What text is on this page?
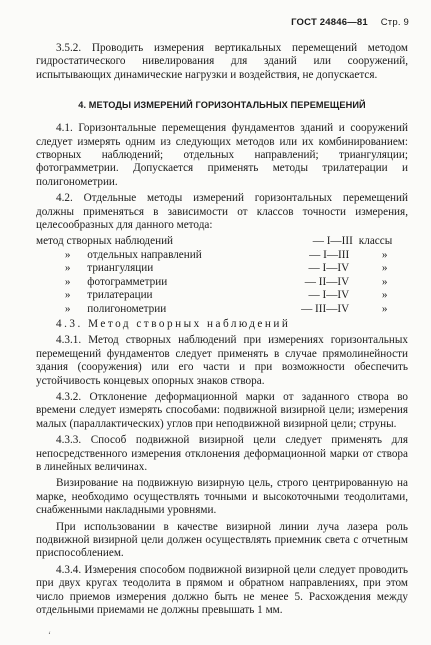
ГОСТ 24846—81 Стр. 9

3.5.2. Проводить измерения вертикальных перемещений методом гидростатического нивелирования для зданий или сооружений, испытывающих динамические нагрузки и воздействия, не допускается.

4. МЕТОДЫ ИЗМЕРЕНИЙ ГОРИЗОНТАЛЬНЫХ ПЕРЕМЕЩЕНИЙ

4.1. Горизонтальные перемещения фундаментов зданий и сооружений следует измерять одним из следующих методов или их комбинированием: створных наблюдений; отдельных направлений; триангуляции; фотограмметрии. Допускается применять методы трилатерации и полигонометрии.

4.2. Отдельные методы измерений горизонтальных перемещений должны применяться в зависимости от классов точности измерения, целесообразных для данного метода:

метод створных наблюдений	— I—III классы
»	отдельных направлений	— I—III	»
»	триангуляции	— I—IV	»
»	фотограмметрии	— II—IV	»
»	трилатерации	— I—IV	»
»	полигонометрии	— III—IV	»

4.3. Метод створных наблюдений

4.3.1. Метод створных наблюдений при измерениях горизонтальных перемещений фундаментов следует применять в случае прямолинейности здания (сооружения) или его части и при возможности обеспечить устойчивость концевых опорных знаков створа.

4.3.2. Отклонение деформационной марки от заданного створа во времени следует измерять способами: подвижной визирной цели; измерения малых (параллактических) углов при неподвижной визирной цели; струны.

4.3.3. Способ подвижной визирной цели следует применять для непосредственного измерения отклонения деформационной марки от створа в линейных величинах.

Визирование на подвижную визирную цель, строго центрированную на марке, необходимо осуществлять точными и высокоточными теодолитами, снабженными накладными уровнями.

При использовании в качестве визирной линии луча лазера роль подвижной визирной цели должен осуществлять приемник света с отчетным приспособлением.

4.3.4. Измерения способом подвижной визирной цели следует проводить при двух кругах теодолита в прямом и обратном направлениях, при этом число приемов измерения должно быть не менее 5. Расхождения между отдельными приемами не должны превышать 1 мм.

ʻ
